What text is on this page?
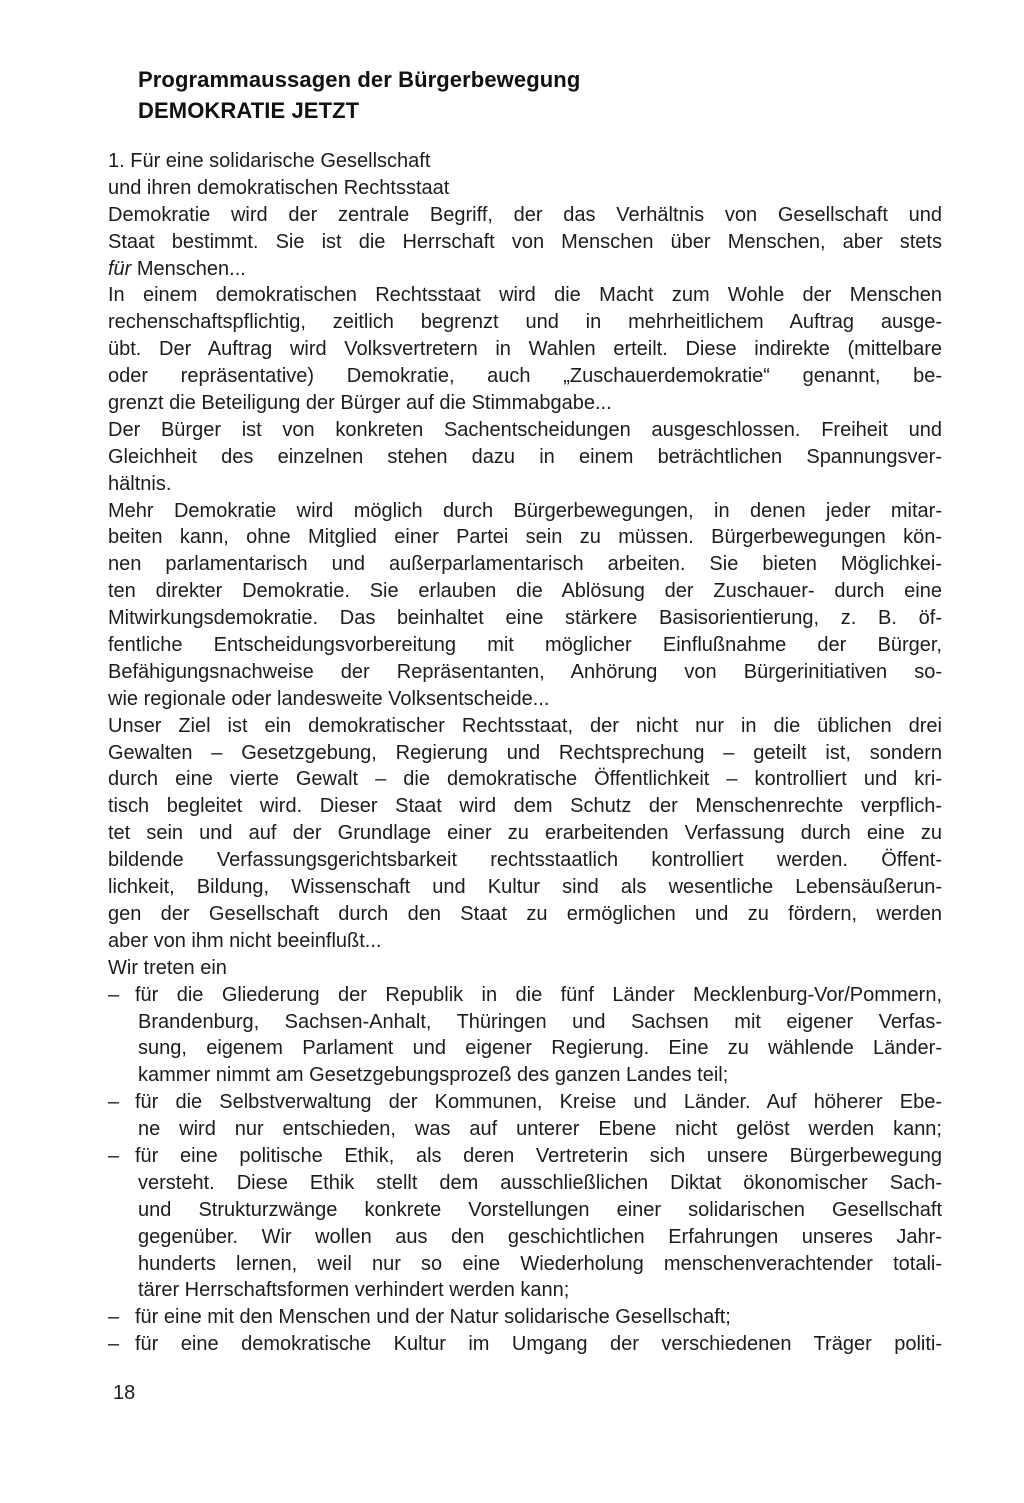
Programmaussagen der Bürgerbewegung
DEMOKRATIE JETZT
1. Für eine solidarische Gesellschaft
und ihren demokratischen Rechtsstaat
Demokratie wird der zentrale Begriff, der das Verhältnis von Gesellschaft und
Staat bestimmt. Sie ist die Herrschaft von Menschen über Menschen, aber stets
für Menschen...
In einem demokratischen Rechtsstaat wird die Macht zum Wohle der Menschen
rechenschaftspflichtig, zeitlich begrenzt und in mehrheitlichem Auftrag ausge-
übt. Der Auftrag wird Volksvertretern in Wahlen erteilt. Diese indirekte (mittelbare
oder repräsentative) Demokratie, auch „Zuschauerdemokratie“ genannt, be-
grenzt die Beteiligung der Bürger auf die Stimmabgabe...
Der Bürger ist von konkreten Sachentscheidungen ausgeschlossen. Freiheit und
Gleichheit des einzelnen stehen dazu in einem beträchtlichen Spannungsver-
hältnis.
Mehr Demokratie wird möglich durch Bürgerbewegungen, in denen jeder mitar-
beiten kann, ohne Mitglied einer Partei sein zu müssen. Bürgerbewegungen kön-
nen parlamentarisch und außerparlamentarisch arbeiten. Sie bieten Möglichkei-
ten direkter Demokratie. Sie erlauben die Ablösung der Zuschauer- durch eine
Mitwirkungsdemokratie. Das beinhaltet eine stärkere Basisorientierung, z. B. öf-
fentliche Entscheidungsvorbereitung mit möglicher Einflußnahme der Bürger,
Befähigungsnachweise der Repräsentanten, Anhörung von Bürgerinitiativen so-
wie regionale oder landesweite Volksentscheide...
Unser Ziel ist ein demokratischer Rechtsstaat, der nicht nur in die üblichen drei
Gewalten – Gesetzgebung, Regierung und Rechtsprechung – geteilt ist, sondern
durch eine vierte Gewalt – die demokratische Öffentlichkeit – kontrolliert und kri-
tisch begleitet wird. Dieser Staat wird dem Schutz der Menschenrechte verpflich-
tet sein und auf der Grundlage einer zu erarbeitenden Verfassung durch eine zu
bildende Verfassungsgerichtsbarkeit rechtsstaatlich kontrolliert werden. Öffent-
lichkeit, Bildung, Wissenschaft und Kultur sind als wesentliche Lebensäußerun-
gen der Gesellschaft durch den Staat zu ermöglichen und zu fördern, werden
aber von ihm nicht beeinflußt...
Wir treten ein
– für die Gliederung der Republik in die fünf Länder Mecklenburg-Vor/Pommern,
Brandenburg, Sachsen-Anhalt, Thüringen und Sachsen mit eigener Verfas-
sung, eigenem Parlament und eigener Regierung. Eine zu wählende Länder-
kammer nimmt am Gesetzgebungsprozeß des ganzen Landes teil;
– für die Selbstverwaltung der Kommunen, Kreise und Länder. Auf höherer Ebe-
ne wird nur entschieden, was auf unterer Ebene nicht gelöst werden kann;
– für eine politische Ethik, als deren Vertreterin sich unsere Bürgerbewegung
versteht. Diese Ethik stellt dem ausschließlichen Diktat ökonomischer Sach-
und Strukturzwänge konkrete Vorstellungen einer solidarischen Gesellschaft
gegenüber. Wir wollen aus den geschichtlichen Erfahrungen unseres Jahr-
hunderts lernen, weil nur so eine Wiederholung menschenverachtender totali-
tärer Herrschaftsformen verhindert werden kann;
– für eine mit den Menschen und der Natur solidarische Gesellschaft;
– für eine demokratische Kultur im Umgang der verschiedenen Träger politi-
18
